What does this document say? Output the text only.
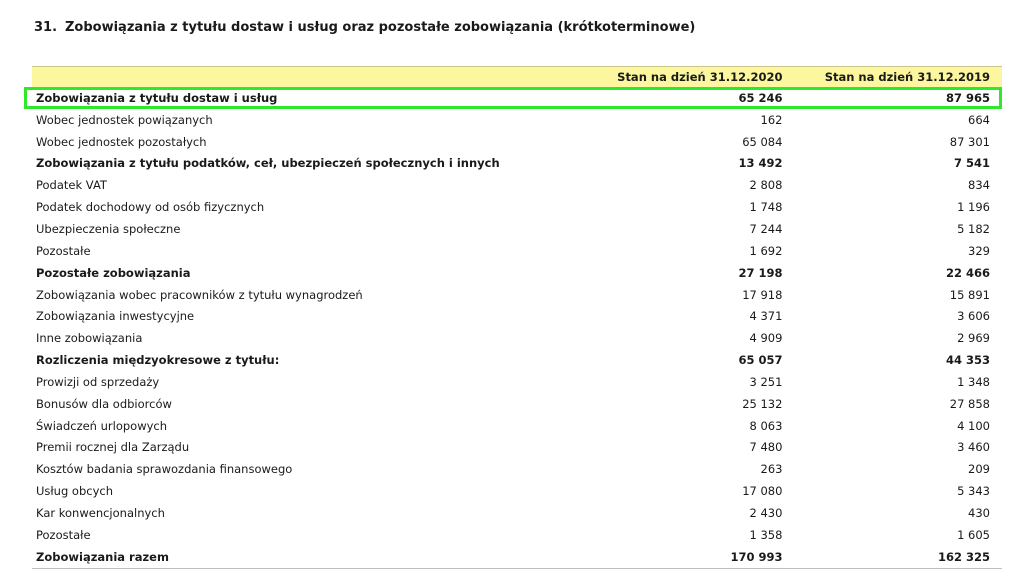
31. Zobowiązania z tytułu dostaw i usług oraz pozostałe zobowiązania (krótkoterminowe)
	Stan na dzień 31.12.2020	Stan na dzień 31.12.2019
Zobowiązania z tytułu dostaw i usług	65 246	87 965
Wobec jednostek powiązanych	162	664
Wobec jednostek pozostałych	65 084	87 301
Zobowiązania z tytułu podatków, ceł, ubezpieczeń społecznych i innych	13 492	7 541
Podatek VAT	2 808	834
Podatek dochodowy od osób fizycznych	1 748	1 196
Ubezpieczenia społeczne	7 244	5 182
Pozostałe	1 692	329
Pozostałe zobowiązania	27 198	22 466
Zobowiązania wobec pracowników z tytułu wynagrodzeń	17 918	15 891
Zobowiązania inwestycyjne	4 371	3 606
Inne zobowiązania	4 909	2 969
Rozliczenia międzyokresowe z tytułu:	65 057	44 353
Prowizji od sprzedaży	3 251	1 348
Bonusów dla odbiorców	25 132	27 858
Świadczeń urlopowych	8 063	4 100
Premii rocznej dla Zarządu	7 480	3 460
Kosztów badania sprawozdania finansowego	263	209
Usług obcych	17 080	5 343
Kar konwencjonalnych	2 430	430
Pozostałe	1 358	1 605
Zobowiązania razem	170 993	162 325
